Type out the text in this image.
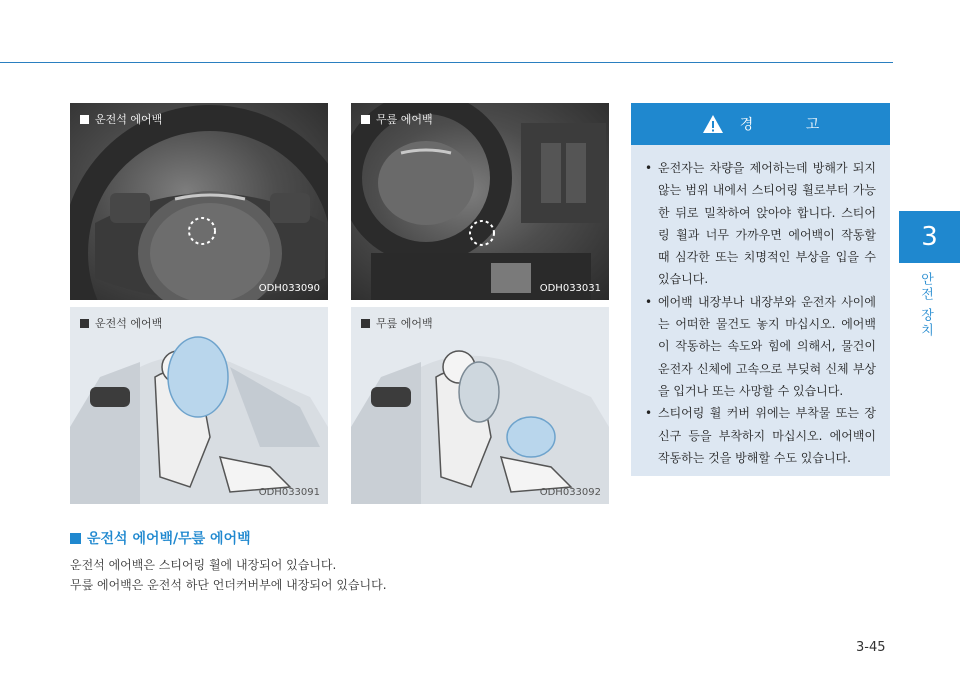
3
안전 장치
운전석 에어백
ODH033090
무릎 에어백
ODH033031
운전석 에어백
ODH033091
무릎 에어백
ODH033092
경 고
• 운전자는 차량을 제어하는데 방해가 되지 않는 범위 내에서 스티어링 휠로부터 가능한 뒤로 밀착하여 앉아야 합니다. 스티어링 휠과 너무 가까우면 에어백이 작동할 때 심각한 또는 치명적인 부상을 입을 수 있습니다.
• 에어백 내장부나 내장부와 운전자 사이에는 어떠한 물건도 놓지 마십시오. 에어백이 작동하는 속도와 힘에 의해서, 물건이 운전자 신체에 고속으로 부딪혀 신체 부상을 입거나 또는 사망할 수 있습니다.
• 스티어링 휠 커버 위에는 부착물 또는 장신구 등을 부착하지 마십시오. 에어백이 작동하는 것을 방해할 수도 있습니다.
운전석 에어백/무릎 에어백
운전석 에어백은 스티어링 휠에 내장되어 있습니다.
무릎 에어백은 운전석 하단 언더커버부에 내장되어 있습니다.
3-45
